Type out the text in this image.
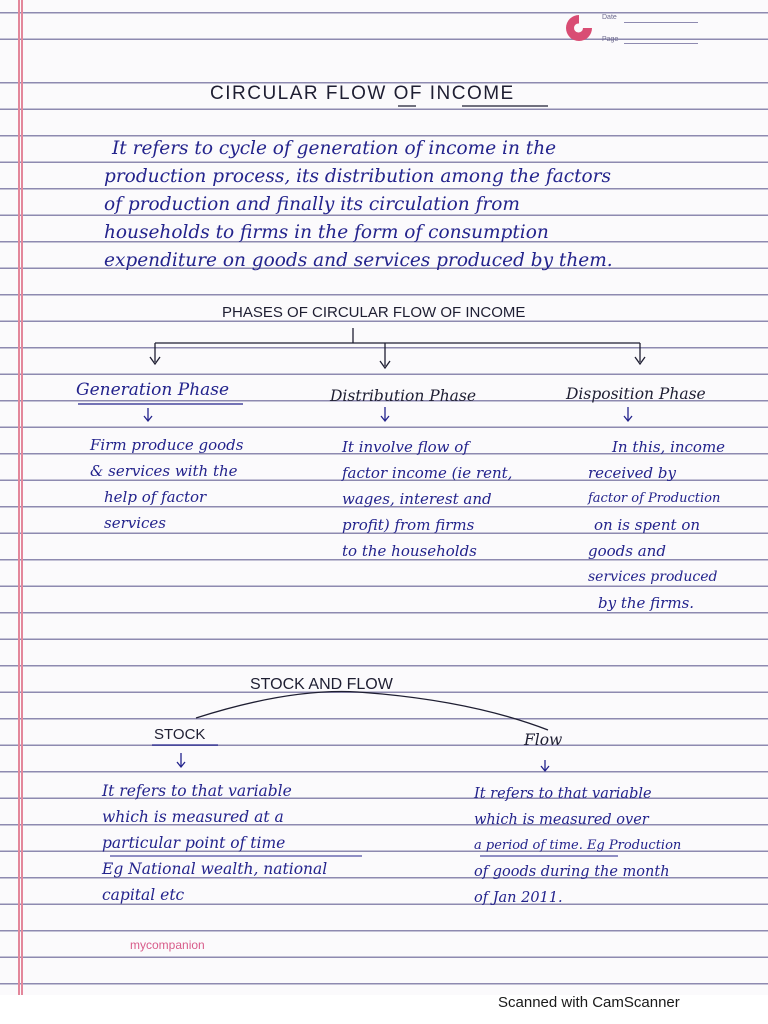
Date
Page
CIRCULAR FLOW OF INCOME
It refers to cycle of generation of income in the
production process, its distribution among the factors
of production and finally its circulation from
households to firms in the form of consumption
expenditure on goods and services produced by them.
PHASES OF CIRCULAR FLOW OF INCOME
Generation Phase	Distribution Phase	Disposition Phase
Firm produce goods
& services with the
help of factor
services
It involve flow of
factor income (ie rent,
wages, interest and
profit) from firms
to the households
In this, income
received by
factor of Production
on is spent on
goods and
services produced
by the firms.
STOCK AND FLOW
STOCK	Flow
It refers to that variable
which is measured at a
particular point of time
Eg National wealth, national
capital etc
It refers to that variable
which is measured over
a period of time. Eg Production
of goods during the month
of Jan 2011.
mycompanion
Scanned with CamScanner
